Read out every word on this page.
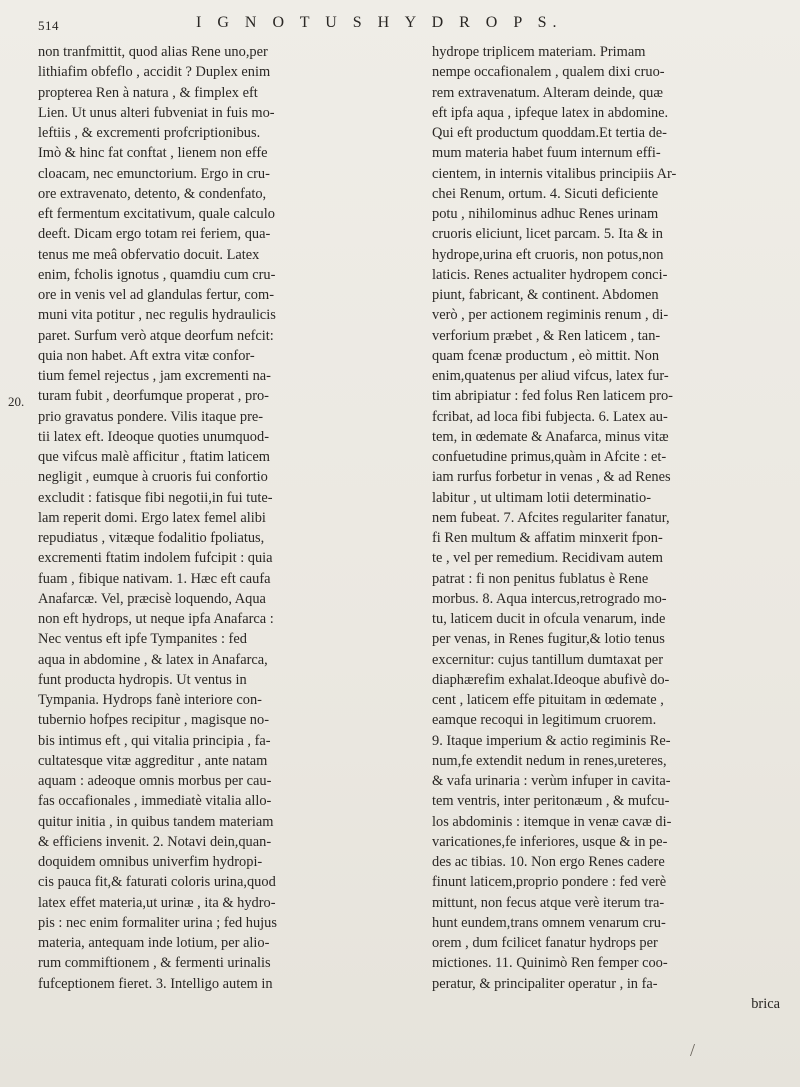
514	I G N O T U S H Y D R O P S.
20.
non tranfmittit, quod alias Rene uno,per
lithiafim obfeflo , accidit ? Duplex enim
propterea Ren à natura , & fimplex eft
Lien. Ut unus alteri fubveniat in fuis mo-
leftiis , & excrementi profcriptionibus.
Imò & hinc fat conftat , lienem non effe
cloacam, nec emunctorium. Ergo in cru-
ore extravenato, detento, & condenfato,
eft fermentum excitativum, quale calculo
deeft. Dicam ergo totam rei feriem, qua-
tenus me meâ obfervatio docuit. Latex
enim, fcholis ignotus , quamdiu cum cru-
ore in venis vel ad glandulas fertur, com-
muni vita potitur , nec regulis hydraulicis
paret. Surfum verò atque deorfum nefcit:
quia non habet. Aft extra vitæ confor-
tium femel rejectus , jam excrementi na-
turam fubit , deorfumque properat , pro-
prio gravatus pondere. Vilis itaque pre-
tii latex eft. Ideoque quoties unumquod-
que vifcus malè afficitur , ftatim laticem
negligit , eumque à cruoris fui confortio
excludit : fatisque fibi negotii,in fui tute-
lam reperit domi. Ergo latex femel alibi
repudiatus , vitæque fodalitio fpoliatus,
excrementi ftatim indolem fufcipit : quia
fuam , fibique nativam. 1. Hæc eft caufa
Anafarcæ. Vel, præcisè loquendo, Aqua
non eft hydrops, ut neque ipfa Anafarca :
Nec ventus eft ipfe Tympanites : fed
aqua in abdomine , & latex in Anafarca,
funt producta hydropis. Ut ventus in
Tympania. Hydrops fanè interiore con-
tubernio hofpes recipitur , magisque no-
bis intimus eft , qui vitalia principia , fa-
cultatesque vitæ aggreditur , ante natam
aquam : adeoque omnis morbus per cau-
fas occafionales , immediatè vitalia allo-
quitur initia , in quibus tandem materiam
& efficiens invenit. 2. Notavi dein,quan-
doquidem omnibus univerfim hydropi-
cis pauca fit,& faturati coloris urina,quod
latex effet materia,ut urinæ , ita & hydro-
pis : nec enim formaliter urina ; fed hujus
materia, antequam inde lotium, per alio-
rum commiftionem , & fermenti urinalis
fufceptionem fieret. 3. Intelligo autem in
hydrope triplicem materiam. Primam
nempe occafionalem , qualem dixi cruo-
rem extravenatum. Alteram deinde, quæ
eft ipfa aqua , ipfeque latex in abdomine.
Qui eft productum quoddam.Et tertia de-
mum materia habet fuum internum effi-
cientem, in internis vitalibus principiis Ar-
chei Renum, ortum. 4. Sicuti deficiente
potu , nihilominus adhuc Renes urinam
cruoris eliciunt, licet parcam. 5. Ita & in
hydrope,urina eft cruoris, non potus,non
laticis. Renes actualiter hydropem conci-
piunt, fabricant, & continent. Abdomen
verò , per actionem regiminis renum , di-
verforium præbet , & Ren laticem , tan-
quam fcenæ productum , eò mittit. Non
enim,quatenus per aliud vifcus, latex fur-
tim abripiatur : fed folus Ren laticem pro-
fcribat, ad loca fibi fubjecta. 6. Latex au-
tem, in œdemate & Anafarca, minus vitæ
confuetudine primus,quàm in Afcite : et-
iam rurfus forbetur in venas , & ad Renes
labitur , ut ultimam lotii determinatio-
nem fubeat. 7. Afcites regulariter fanatur,
fi Ren multum & affatim minxerit fpon-
te , vel per remedium. Recidivam autem
patrat : fi non penitus fublatus è Rene
morbus. 8. Aqua intercus,retrogrado mo-
tu, laticem ducit in ofcula venarum, inde
per venas, in Renes fugitur,& lotio tenus
excernitur: cujus tantillum dumtaxat per
diaphærefim exhalat.Ideoque abufivè do-
cent , laticem effe pituitam in œdemate ,
eamque recoqui in legitimum cruorem.
9. Itaque imperium & actio regiminis Re-
num,fe extendit nedum in renes,ureteres,
& vafa urinaria : verùm infuper in cavita-
tem ventris, inter peritonæum , & mufcu-
los abdominis : itemque in venæ cavæ di-
varicationes,fe inferiores, usque & in pe-
des ac tibias. 10. Non ergo Renes cadere
finunt laticem,proprio pondere : fed verè
mittunt, non fecus atque verè iterum tra-
hunt eundem,trans omnem venarum cru-
orem , dum fcilicet fanatur hydrops per
mictiones. 11. Quinimò Ren femper coo-
peratur, & principaliter operatur , in fa-
brica
/
